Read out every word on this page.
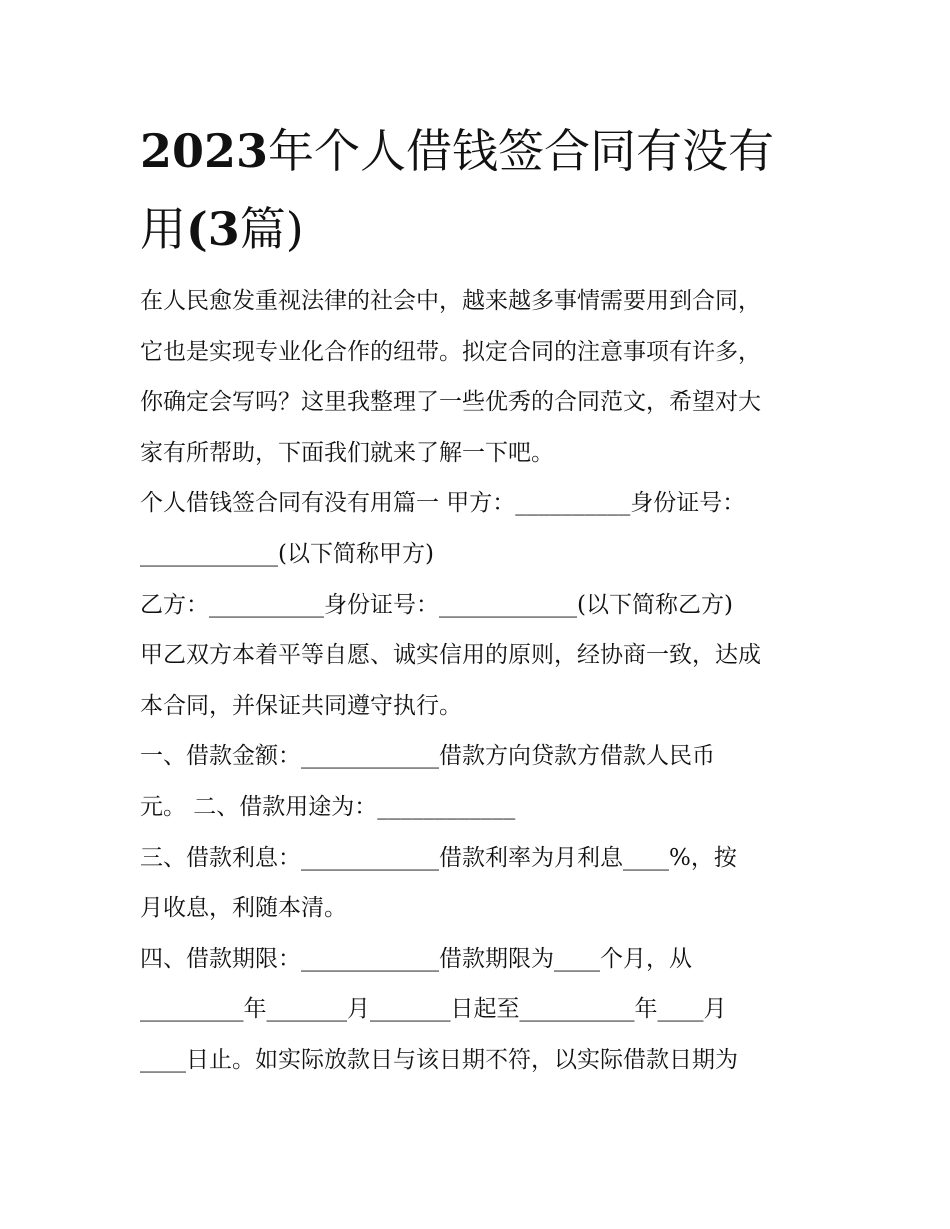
2023年个人借钱签合同有没有
用(3篇)
在人民愈发重视法律的社会中，越来越多事情需要用到合同，
它也是实现专业化合作的纽带。拟定合同的注意事项有许多，
你确定会写吗？这里我整理了一些优秀的合同范文，希望对大
家有所帮助，下面我们就来了解一下吧。
个人借钱签合同有没有用篇一 甲方：__________身份证号：
____________(以下简称甲方)
乙方：__________身份证号：____________(以下简称乙方)
甲乙双方本着平等自愿、诚实信用的原则，经协商一致，达成
本合同，并保证共同遵守执行。
一、借款金额：____________借款方向贷款方借款人民币
元。 二、借款用途为：____________
三、借款利息：____________借款利率为月利息____%，按
月收息，利随本清。
四、借款期限：____________借款期限为____个月，从
_________年_______月_______日起至__________年____月
____日止。如实际放款日与该日期不符，以实际借款日期为
